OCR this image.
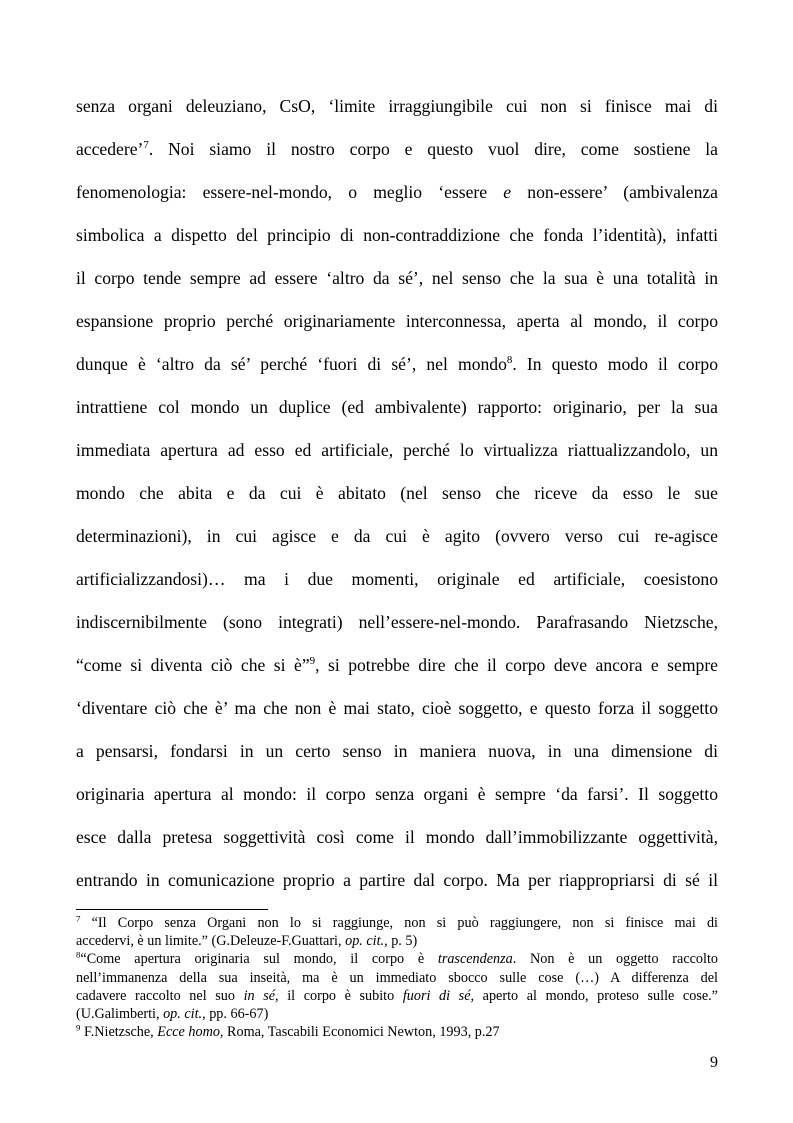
senza organi deleuziano, CsO, ‘limite irraggiungibile cui non si finisce mai di
accedere’$^7$. Noi siamo il nostro corpo e questo vuol dire, come sostiene la
fenomenologia: essere-nel-mondo, o meglio ‘essere e non-essere’ (ambivalenza
simbolica a dispetto del principio di non-contraddizione che fonda l’identità), infatti
il corpo tende sempre ad essere ‘altro da sé’, nel senso che la sua è una totalità in
espansione proprio perché originariamente interconnessa, aperta al mondo, il corpo
dunque è ‘altro da sé’ perché ‘fuori di sé’, nel mondo$^8$. In questo modo il corpo
intrattiene col mondo un duplice (ed ambivalente) rapporto: originario, per la sua
immediata apertura ad esso ed artificiale, perché lo virtualizza riattualizzandolo, un
mondo che abita e da cui è abitato (nel senso che riceve da esso le sue
determinazioni), in cui agisce e da cui è agito (ovvero verso cui re-agisce
artificializzandosi)… ma i due momenti, originale ed artificiale, coesistono
indiscernibilmente (sono integrati) nell’essere-nel-mondo. Parafrasando Nietzsche,
“come si diventa ciò che si è”$^9$, si potrebbe dire che il corpo deve ancora e sempre
‘diventare ciò che è’ ma che non è mai stato, cioè soggetto, e questo forza il soggetto
a pensarsi, fondarsi in un certo senso in maniera nuova, in una dimensione di
originaria apertura al mondo: il corpo senza organi è sempre ‘da farsi’. Il soggetto
esce dalla pretesa soggettività così come il mondo dall’immobilizzante oggettività,
entrando in comunicazione proprio a partire dal corpo. Ma per riappropriarsi di sé il
$^7$ “Il Corpo senza Organi non lo si raggiunge, non si può raggiungere, non si finisce mai di
accedervi, è un limite.” (G.Deleuze-F.Guattari, op. cit., p. 5)
$^8$“Come apertura originaria sul mondo, il corpo è trascendenza. Non è un oggetto raccolto
nell’immanenza della sua inseità, ma è un immediato sbocco sulle cose (…) A differenza del
cadavere raccolto nel suo in sé, il corpo è subito fuori di sé, aperto al mondo, proteso sulle cose.”
(U.Galimberti, op. cit., pp. 66-67)
$^9$ F.Nietzsche, Ecce homo, Roma, Tascabili Economici Newton, 1993, p.27
9
